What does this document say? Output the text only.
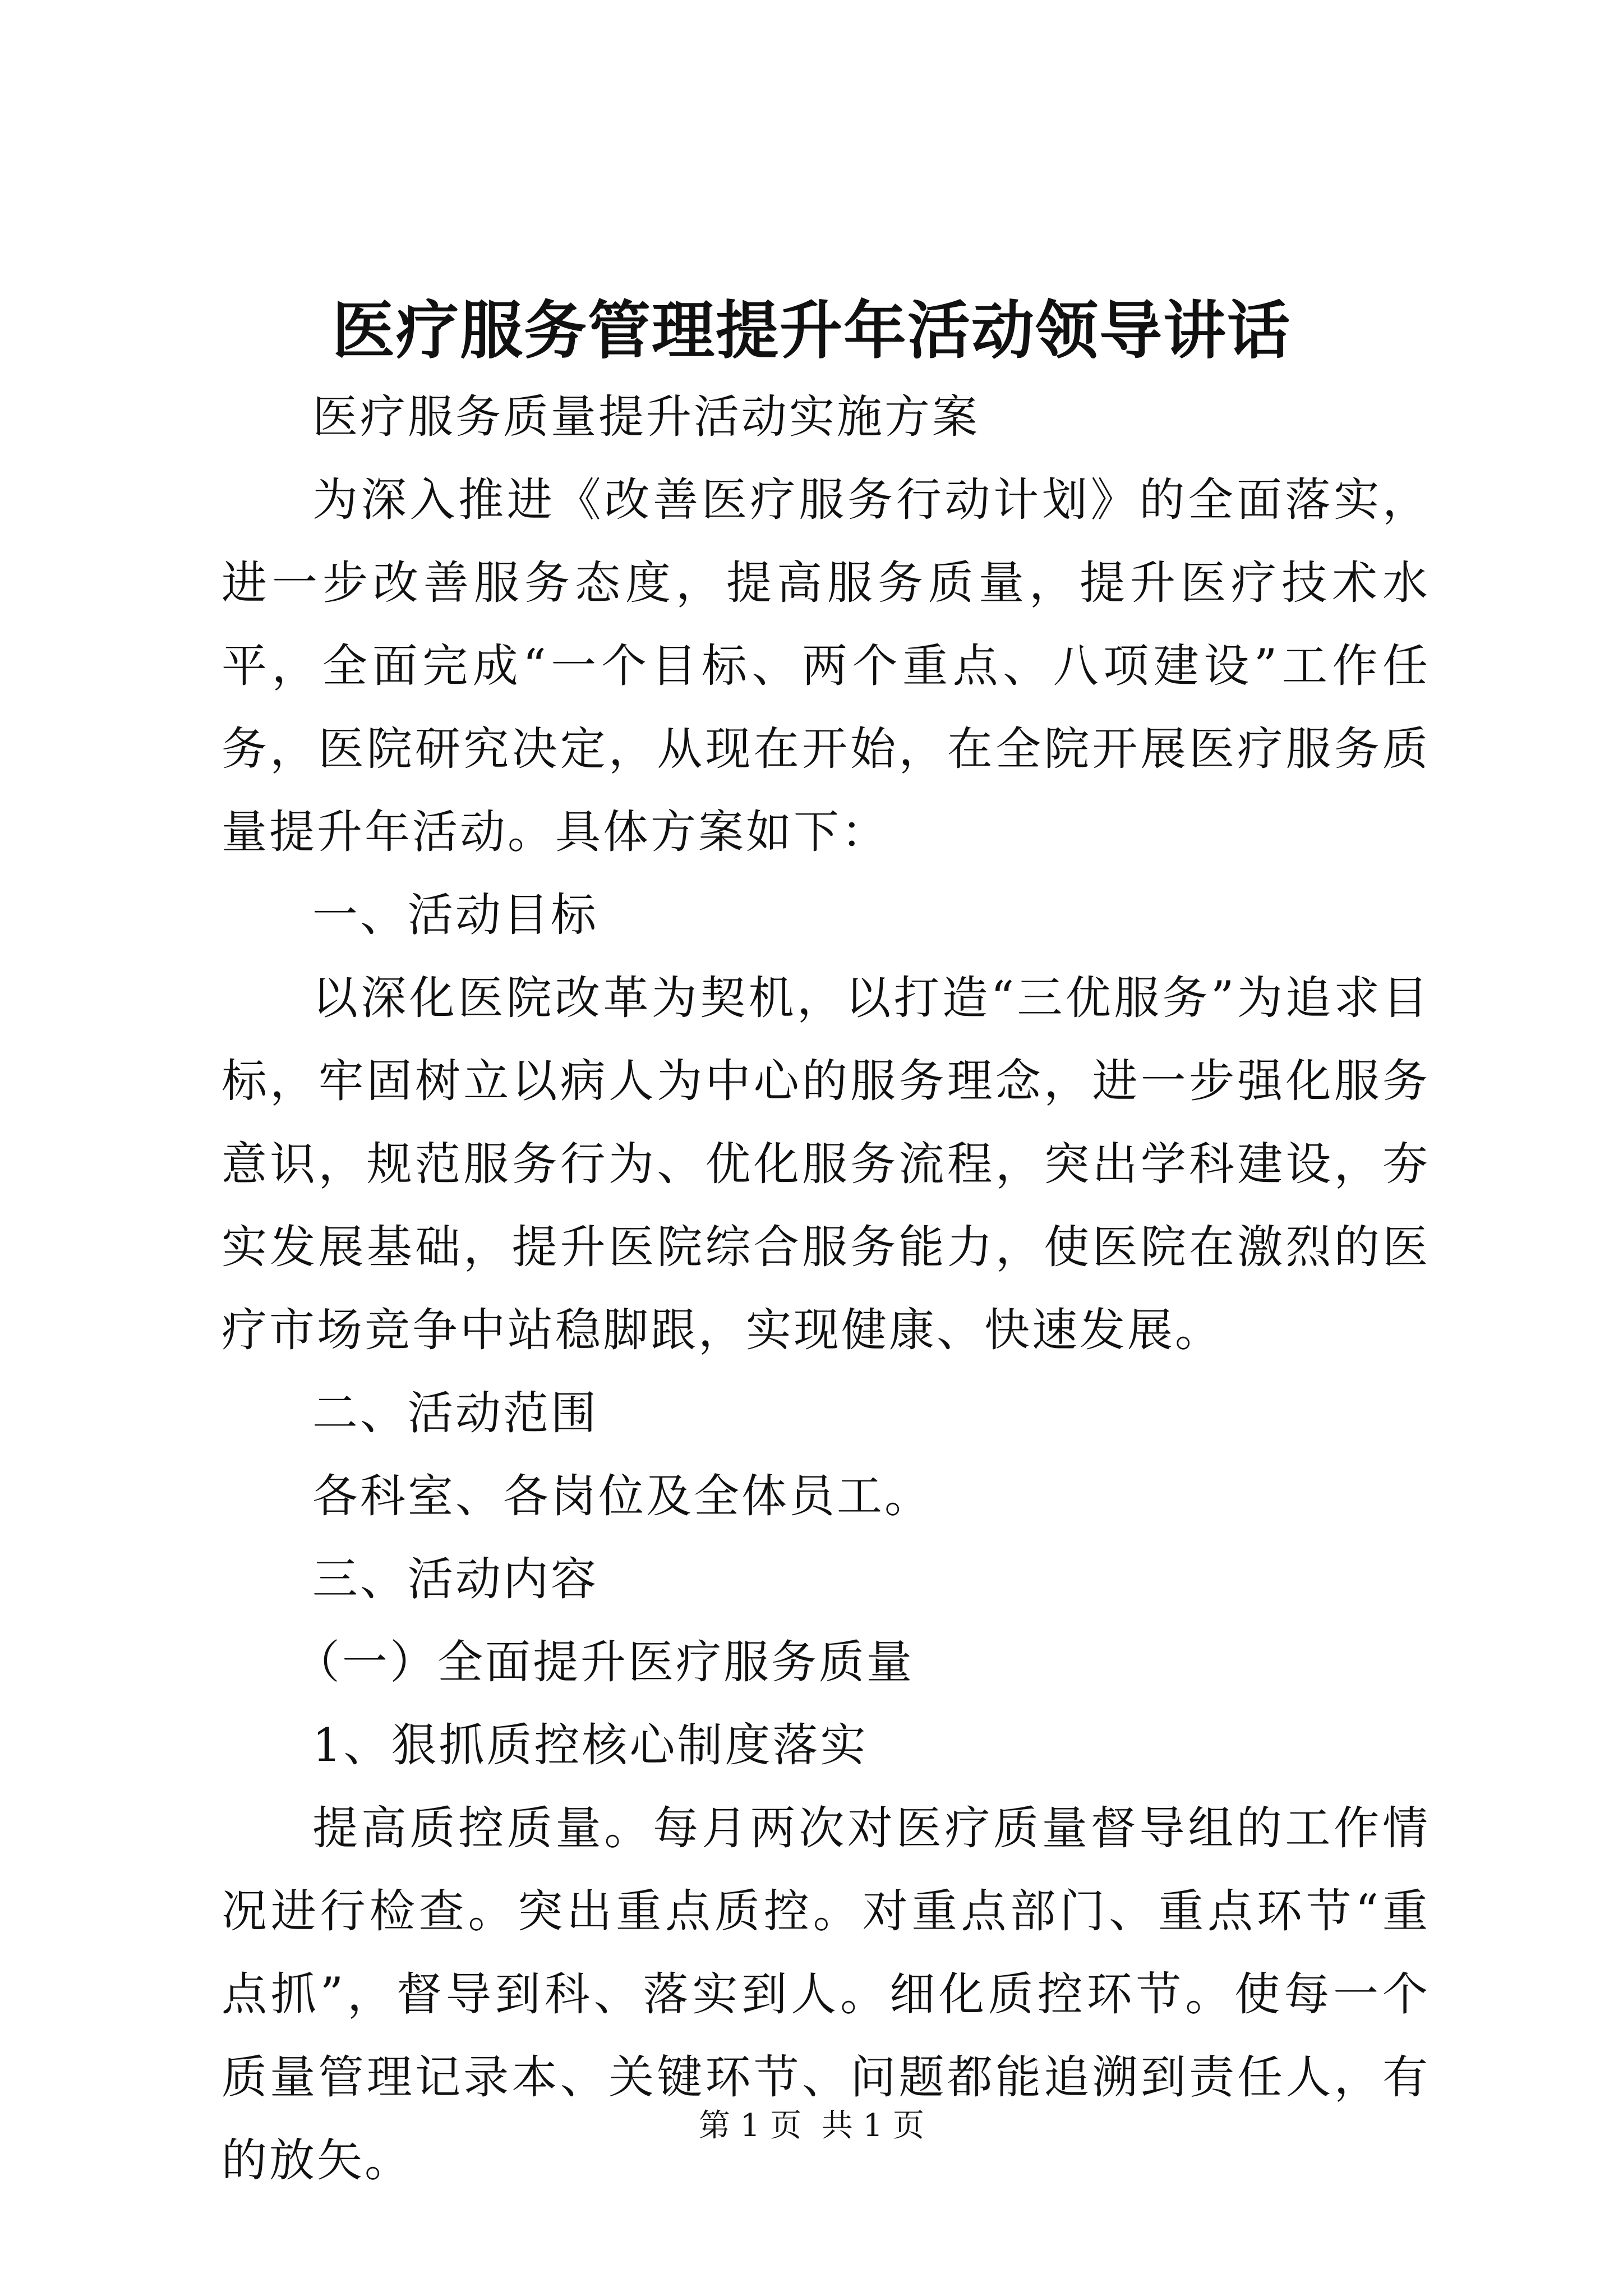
医疗服务管理提升年活动领导讲话

医疗服务质量提升活动实施方案

为深入推进《改善医疗服务行动计划》的全面落实，进一步改善服务态度，提高服务质量，提升医疗技术水平，全面完成“一个目标、两个重点、八项建设”工作任务，医院研究决定，从现在开始，在全院开展医疗服务质量提升年活动。具体方案如下：

一、活动目标

以深化医院改革为契机，以打造“三优服务”为追求目标，牢固树立以病人为中心的服务理念，进一步强化服务意识，规范服务行为、优化服务流程，突出学科建设，夯实发展基础，提升医院综合服务能力，使医院在激烈的医疗市场竞争中站稳脚跟，实现健康、快速发展。

二、活动范围

各科室、各岗位及全体员工。

三、活动内容

（一）全面提升医疗服务质量

1、狠抓质控核心制度落实

提高质控质量。每月两次对医疗质量督导组的工作情况进行检查。突出重点质控。对重点部门、重点环节“重点抓”，督导到科、落实到人。细化质控环节。使每一个质量管理记录本、关键环节、问题都能追溯到责任人，有的放矢。

第 1 页 共 1 页
